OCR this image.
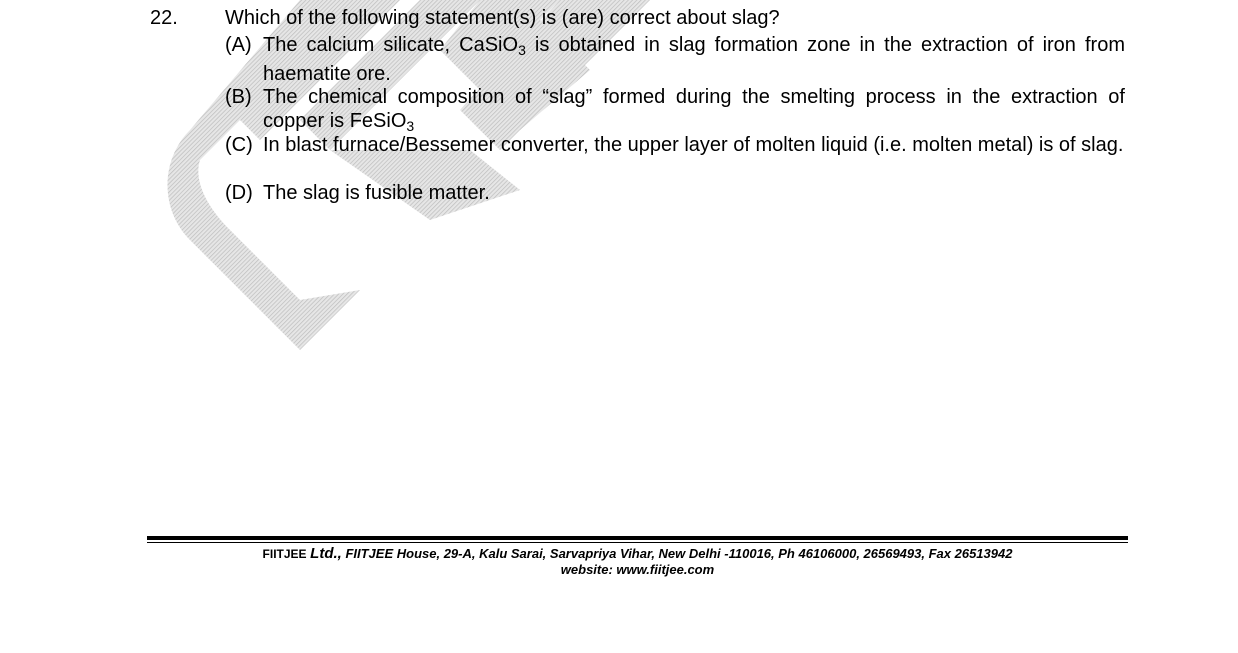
22. Which of the following statement(s) is (are) correct about slag?
(A) The calcium silicate, CaSiO$_3$ is obtained in slag formation zone in the extraction of iron from haematite ore.
(B) The chemical composition of “slag” formed during the smelting process in the extraction of copper is FeSiO$_3$
(C) In blast furnace/Bessemer converter, the upper layer of molten liquid (i.e. molten metal) is of slag.
(D) The slag is fusible matter.
FIITJEE Ltd., FIITJEE House, 29-A, Kalu Sarai, Sarvapriya Vihar, New Delhi -110016, Ph 46106000, 26569493, Fax 26513942
website: www.fiitjee.com
